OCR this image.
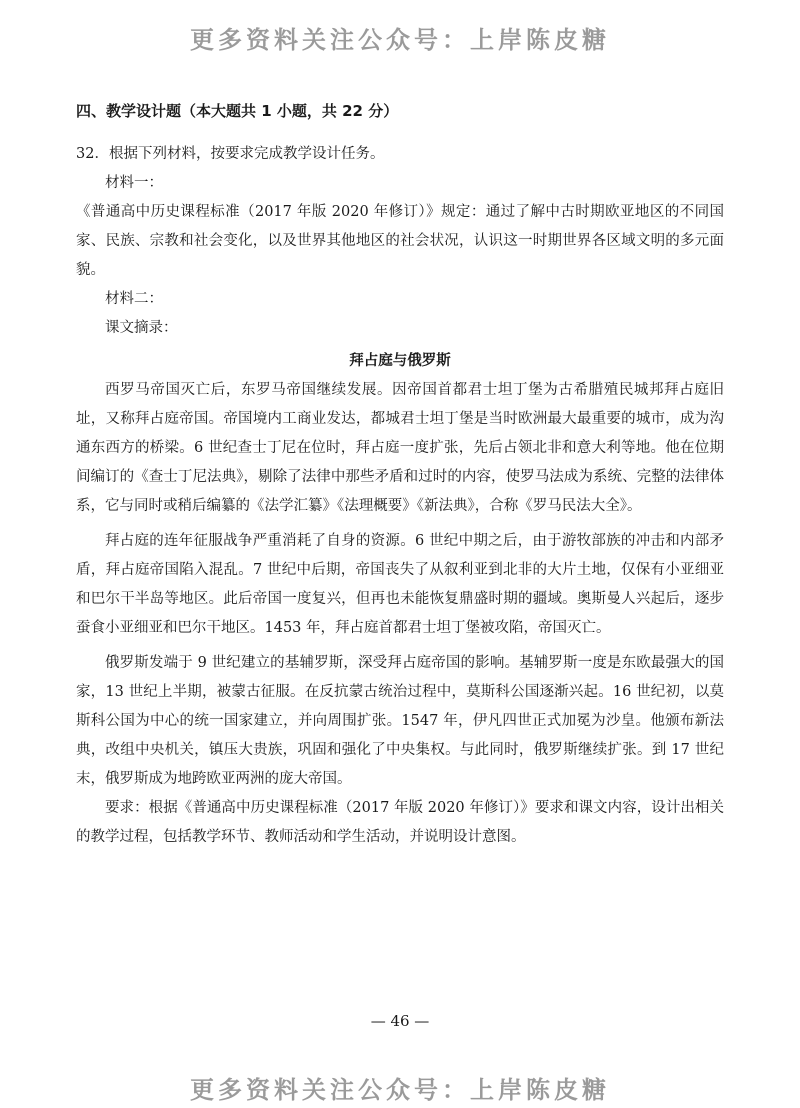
更多资料关注公众号：上岸陈皮糖
四、教学设计题（本大题共 1 小题，共 22 分）

32．根据下列材料，按要求完成教学设计任务。

材料一：

《普通高中历史课程标准（2017 年版 2020 年修订）》规定：通过了解中古时期欧亚地区的不同国家、民族、宗教和社会变化，以及世界其他地区的社会状况，认识这一时期世界各区域文明的多元面貌。

材料二：

课文摘录：

拜占庭与俄罗斯

西罗马帝国灭亡后，东罗马帝国继续发展。因帝国首都君士坦丁堡为古希腊殖民城邦拜占庭旧址，又称拜占庭帝国。帝国境内工商业发达，都城君士坦丁堡是当时欧洲最大最重要的城市，成为沟通东西方的桥梁。6 世纪查士丁尼在位时，拜占庭一度扩张，先后占领北非和意大利等地。他在位期间编订的《查士丁尼法典》，剔除了法律中那些矛盾和过时的内容，使罗马法成为系统、完整的法律体系，它与同时或稍后编纂的《法学汇纂》《法理概要》《新法典》，合称《罗马民法大全》。

拜占庭的连年征服战争严重消耗了自身的资源。6 世纪中期之后，由于游牧部族的冲击和内部矛盾，拜占庭帝国陷入混乱。7 世纪中后期，帝国丧失了从叙利亚到北非的大片土地，仅保有小亚细亚和巴尔干半岛等地区。此后帝国一度复兴，但再也未能恢复鼎盛时期的疆域。奥斯曼人兴起后，逐步蚕食小亚细亚和巴尔干地区。1453 年，拜占庭首都君士坦丁堡被攻陷，帝国灭亡。

俄罗斯发端于 9 世纪建立的基辅罗斯，深受拜占庭帝国的影响。基辅罗斯一度是东欧最强大的国家，13 世纪上半期，被蒙古征服。在反抗蒙古统治过程中，莫斯科公国逐渐兴起。16 世纪初，以莫斯科公国为中心的统一国家建立，并向周围扩张。1547 年，伊凡四世正式加冕为沙皇。他颁布新法典，改组中央机关，镇压大贵族，巩固和强化了中央集权。与此同时，俄罗斯继续扩张。到 17 世纪末，俄罗斯成为地跨欧亚两洲的庞大帝国。

要求：根据《普通高中历史课程标准（2017 年版 2020 年修订）》要求和课文内容，设计出相关的教学过程，包括教学环节、教师活动和学生活动，并说明设计意图。

— 46 —
更多资料关注公众号：上岸陈皮糖
